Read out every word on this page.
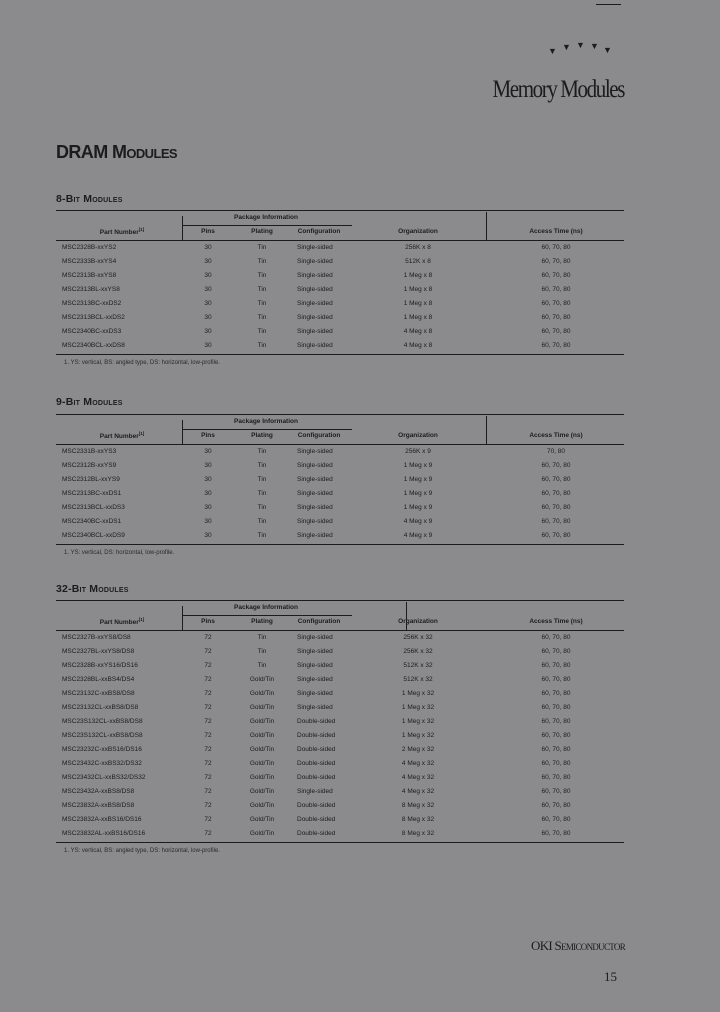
▼ ▼ ▼ ▼ ▼
Memory Modules
DRAM Modules
8-Bit Modules
Package Information
Part Number[1]	Pins	Plating	Configuration	Organization	Access Time (ns)
MSC2328B-xxYS2	30	Tin	Single-sided	256K x 8	60, 70, 80
MSC2333B-xxYS4	30	Tin	Single-sided	512K x 8	60, 70, 80
MSC2313B-xxYS8	30	Tin	Single-sided	1 Meg x 8	60, 70, 80
MSC2313BL-xxYS8	30	Tin	Single-sided	1 Meg x 8	60, 70, 80
MSC2313BC-xxDS2	30	Tin	Single-sided	1 Meg x 8	60, 70, 80
MSC2313BCL-xxDS2	30	Tin	Single-sided	1 Meg x 8	60, 70, 80
MSC2340BC-xxDS3	30	Tin	Single-sided	4 Meg x 8	60, 70, 80
MSC2340BCL-xxDS8	30	Tin	Single-sided	4 Meg x 8	60, 70, 80
1. YS: vertical, BS: angled type, DS: horizontal, low-profile.
9-Bit Modules
Package Information
Part Number[1]	Pins	Plating	Configuration	Organization	Access Time (ns)
MSC2331B-xxYS3	30	Tin	Single-sided	256K x 9	70, 80
MSC2312B-xxYS9	30	Tin	Single-sided	1 Meg x 9	60, 70, 80
MSC2312BL-xxYS9	30	Tin	Single-sided	1 Meg x 9	60, 70, 80
MSC2313BC-xxDS1	30	Tin	Single-sided	1 Meg x 9	60, 70, 80
MSC2313BCL-xxDS3	30	Tin	Single-sided	1 Meg x 9	60, 70, 80
MSC2340BC-xxDS1	30	Tin	Single-sided	4 Meg x 9	60, 70, 80
MSC2340BCL-xxDS9	30	Tin	Single-sided	4 Meg x 9	60, 70, 80
1. YS: vertical, DS: horizontal, low-profile.
32-Bit Modules
Package Information
Part Number[1]	Pins	Plating	Configuration	Organization	Access Time (ns)
MSC2327B-xxYS8/DS8	72	Tin	Single-sided	256K x 32	60, 70, 80
MSC2327BL-xxYS8/DS8	72	Tin	Single-sided	256K x 32	60, 70, 80
MSC2328B-xxYS16/DS16	72	Tin	Single-sided	512K x 32	60, 70, 80
MSC2328BL-xxBS4/DS4	72	Gold/Tin	Single-sided	512K x 32	60, 70, 80
MSC23132C-xxBS8/DS8	72	Gold/Tin	Single-sided	1 Meg x 32	60, 70, 80
MSC23132CL-xxBS8/DS8	72	Gold/Tin	Single-sided	1 Meg x 32	60, 70, 80
MSC23S132CL-xxBS8/DS8	72	Gold/Tin	Double-sided	1 Meg x 32	60, 70, 80
MSC23S132CL-xxBS8/DS8	72	Gold/Tin	Double-sided	1 Meg x 32	60, 70, 80
MSC23232C-xxBS16/DS16	72	Gold/Tin	Double-sided	2 Meg x 32	60, 70, 80
MSC23432C-xxBS32/DS32	72	Gold/Tin	Double-sided	4 Meg x 32	60, 70, 80
MSC23432CL-xxBS32/DS32	72	Gold/Tin	Double-sided	4 Meg x 32	60, 70, 80
MSC23432A-xxBS8/DS8	72	Gold/Tin	Single-sided	4 Meg x 32	60, 70, 80
MSC23832A-xxBS8/DS8	72	Gold/Tin	Double-sided	8 Meg x 32	60, 70, 80
MSC23832A-xxBS16/DS16	72	Gold/Tin	Double-sided	8 Meg x 32	60, 70, 80
MSC23832AL-xxBS16/DS16	72	Gold/Tin	Double-sided	8 Meg x 32	60, 70, 80
1. YS: vertical, BS: angled type, DS: horizontal, low-profile.
OKI Semiconductor
15
